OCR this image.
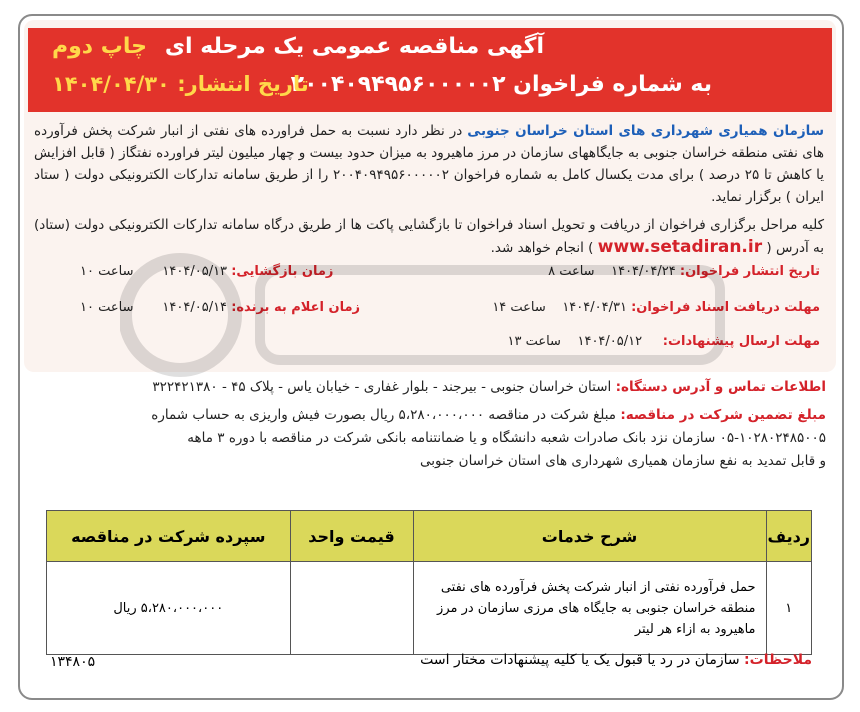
آگهی مناقصه عمومی یک مرحله ای
به شماره فراخوان ۲۰۰۴۰۹۴۹۵۶۰۰۰۰۰۲
چاپ دوم
تاریخ انتشار: ۱۴۰۴/۰۴/۳۰
سازمان همیاری شهرداری های استان خراسان جنوبی در نظر دارد نسبت به حمل فراورده های نفتی از انبار شرکت پخش فرآورده های نفتی منطقه خراسان جنوبی به جایگاههای سازمان در مرز ماهیرود به میزان حدود بیست و چهار میلیون لیتر فراورده نفتگاز ( قابل افزایش یا کاهش تا ۲۵ درصد ) برای مدت یکسال کامل به شماره فراخوان ۲۰۰۴۰۹۴۹۵۶۰۰۰۰۰۲ را از طریق سامانه تدارکات الکترونیکی دولت ( ستاد ایران ) برگزار نماید.
کلیه مراحل برگزاری فراخوان از دریافت و تحویل اسناد فراخوان تا بازگشایی پاکت ها از طریق درگاه سامانه تدارکات الکترونیکی دولت (ستاد) به آدرس ( www.setadiran.ir ) انجام خواهد شد.
تاریخ انتشار فراخوان: ۱۴۰۴/۰۴/۲۴    ساعت ۸
زمان بازگشایی: ۱۴۰۴/۰۵/۱۳       ساعت ۱۰
مهلت دریافت اسناد فراخوان: ۱۴۰۴/۰۴/۳۱    ساعت ۱۴
زمان اعلام به برنده: ۱۴۰۴/۰۵/۱۴       ساعت ۱۰
مهلت ارسال پیشنهادات:     ۱۴۰۴/۰۵/۱۲    ساعت ۱۳
اطلاعات تماس و آدرس دستگاه: استان خراسان جنوبی - بیرجند - بلوار غفاری - خیابان یاس - پلاک ۴۵ - ۳۲۲۴۲۱۳۸۰
مبلغ تضمین شرکت در مناقصه: مبلغ شرکت در مناقصه ۵،۲۸۰،۰۰۰،۰۰۰ ریال بصورت فیش واریزی به حساب شماره
۰۵-۱۰۲۸۰۲۴۸۵۰۰۵ سازمان نزد بانک صادرات شعبه دانشگاه و یا ضمانتنامه بانکی شرکت در مناقصه با دوره ۳ ماهه
و قابل تمدید به نفع سازمان همیاری شهرداری های استان خراسان جنوبی
ردیف	شرح خدمات	قیمت واحد	سپرده شرکت در مناقصه
۱	حمل فرآورده نفتی از انبار شرکت پخش فرآورده های نفتی منطقه خراسان جنوبی به جایگاه های مرزی سازمان در مرز ماهیرود به ازاء هر لیتر		۵،۲۸۰،۰۰۰،۰۰۰ ریال
ملاحظات: سازمان در رد یا قبول یک یا کلیه پیشنهادات مختار است
۱۳۴۸۰۵
